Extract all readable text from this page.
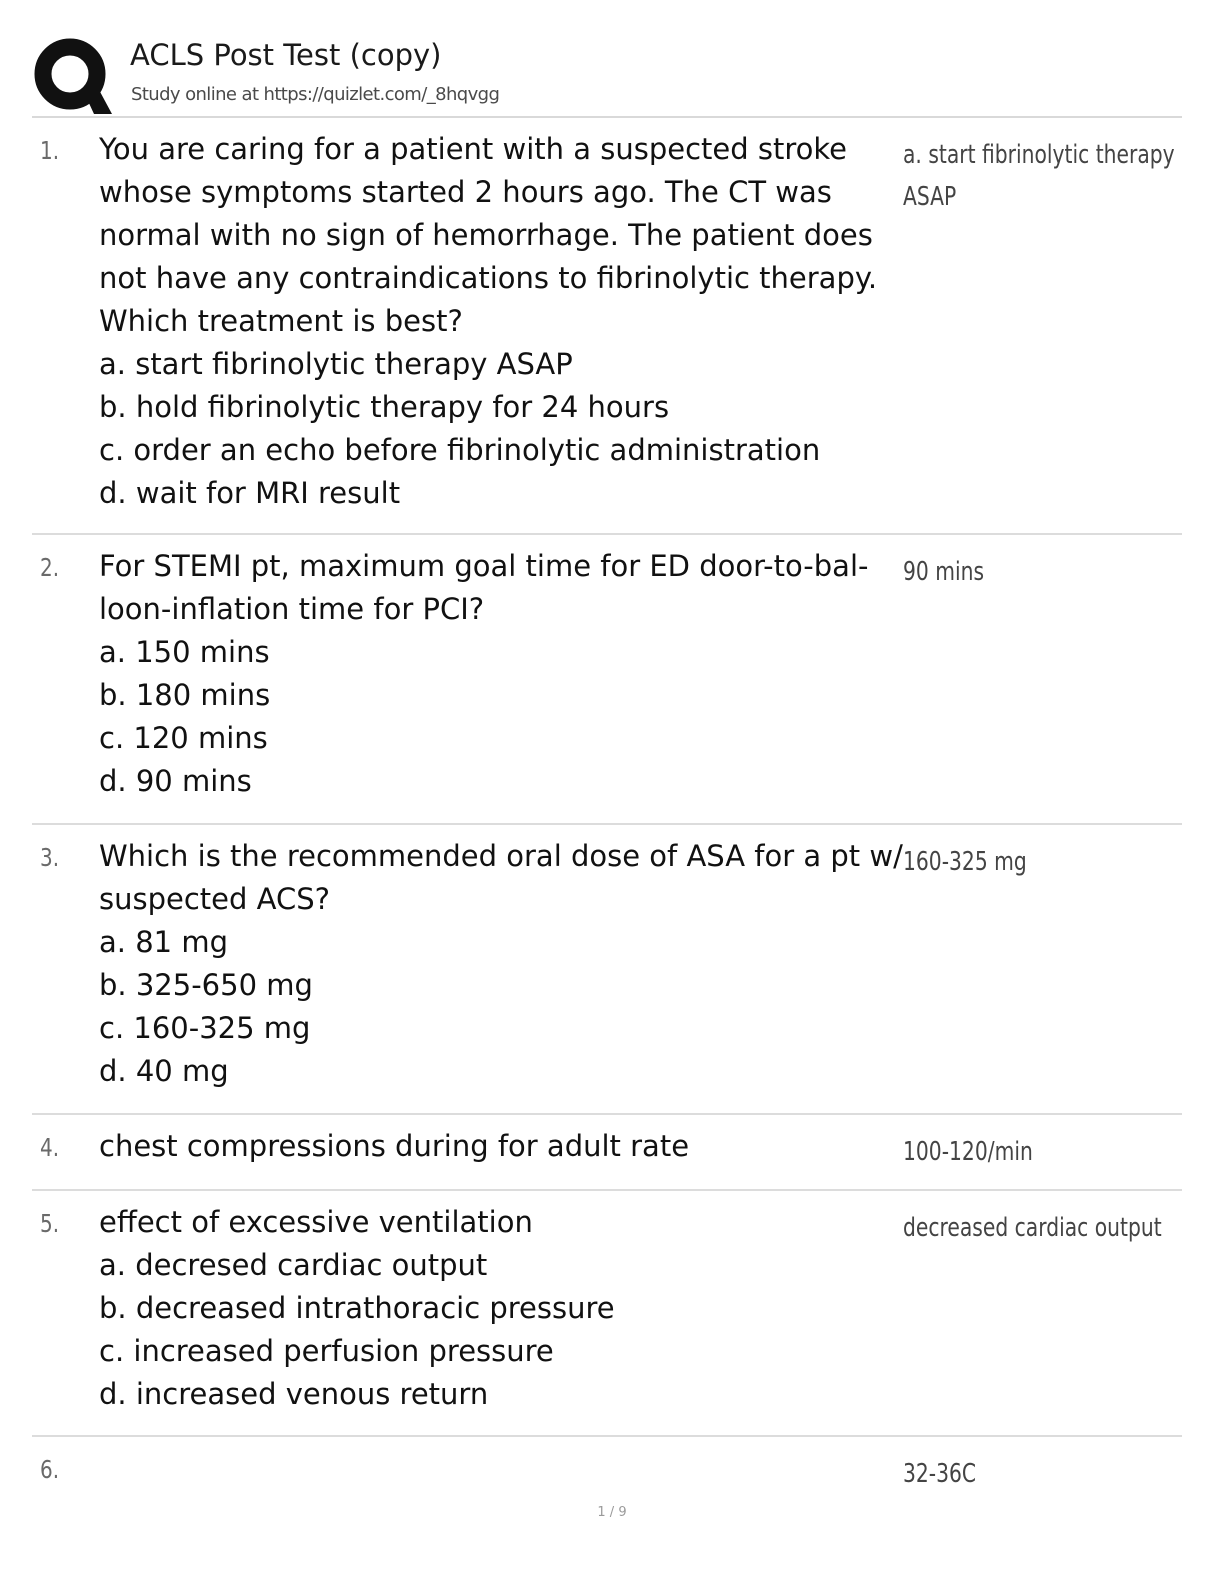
ACLS Post Test (copy)
Study online at https://quizlet.com/_8hqvgg
1. You are caring for a patient with a suspected stroke
whose symptoms started 2 hours ago. The CT was
normal with no sign of hemorrhage. The patient does
not have any contraindications to fibrinolytic therapy.
Which treatment is best?
a. start fibrinolytic therapy ASAP
b. hold fibrinolytic therapy for 24 hours
c. order an echo before fibrinolytic administration
d. wait for MRI result
a. start fibrinolytic therapy
ASAP
2. For STEMI pt, maximum goal time for ED door-to-bal-
loon-inflation time for PCI?
a. 150 mins
b. 180 mins
c. 120 mins
d. 90 mins
90 mins
3. Which is the recommended oral dose of ASA for a pt w/
suspected ACS?
a. 81 mg
b. 325-650 mg
c. 160-325 mg
d. 40 mg
160-325 mg
4. chest compressions during for adult rate	100-120/min
5. effect of excessive ventilation
a. decresed cardiac output
b. decreased intrathoracic pressure
c. increased perfusion pressure
d. increased venous return
decreased cardiac output
6.	32-36C
1 / 9
